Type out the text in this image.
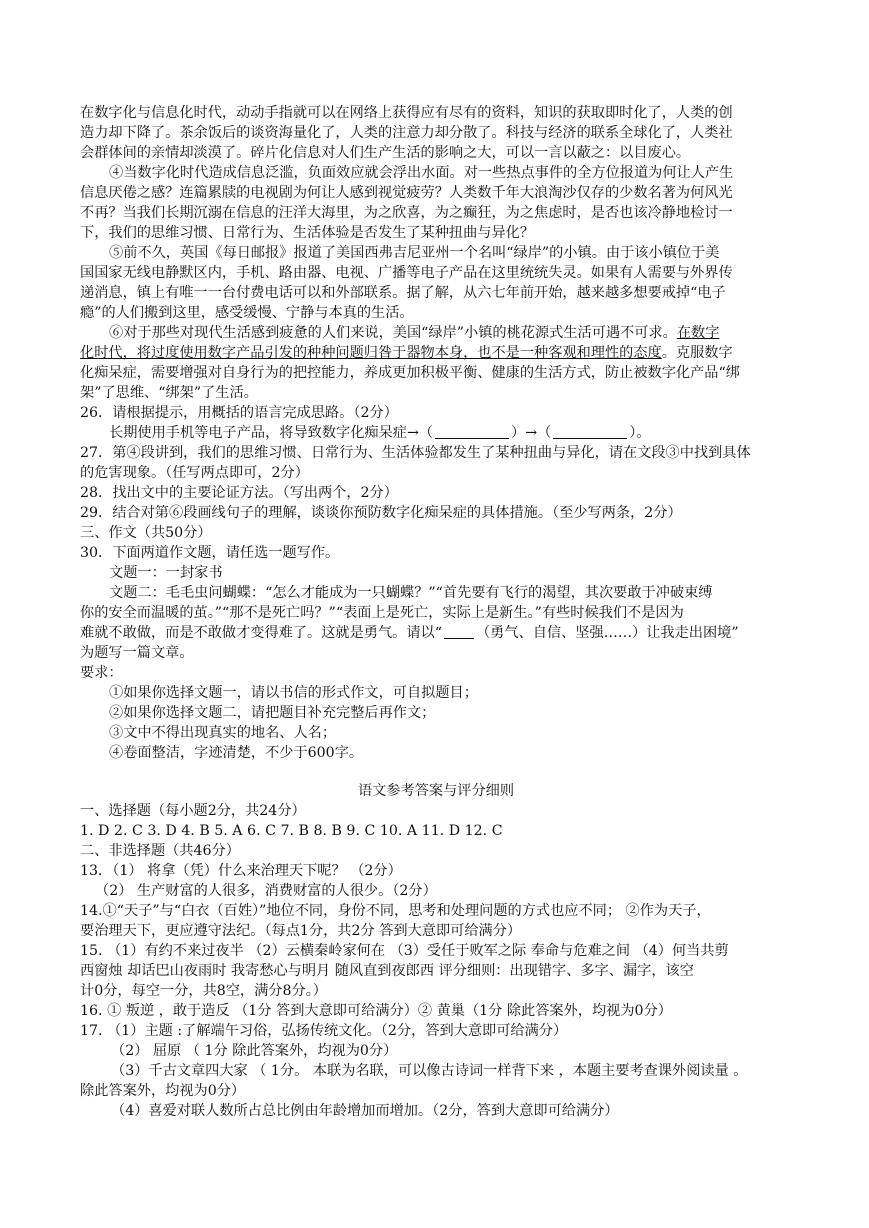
在数字化与信息化时代，动动手指就可以在网络上获得应有尽有的资料，知识的获取即时化了，人类的创
造力却下降了。茶余饭后的谈资海量化了，人类的注意力却分散了。科技与经济的联系全球化了，人类社
会群体间的亲情却淡漠了。碎片化信息对人们生产生活的影响之大，可以一言以蔽之：以目废心。
④当数字化时代造成信息泛滥，负面效应就会浮出水面。对一些热点事件的全方位报道为何让人产生
信息厌倦之感？连篇累牍的电视剧为何让人感到视觉疲劳？人类数千年大浪淘沙仅存的少数名著为何风光
不再？当我们长期沉溺在信息的汪洋大海里，为之欣喜，为之癫狂，为之焦虑时，是否也该冷静地检讨一
下，我们的思维习惯、日常行为、生活体验是否发生了某种扭曲与异化？
⑤前不久，英国《每日邮报》报道了美国西弗吉尼亚州一个名叫“绿岸”的小镇。由于该小镇位于美
国国家无线电静默区内，手机、路由器、电视、广播等电子产品在这里统统失灵。如果有人需要与外界传
递消息，镇上有唯一一台付费电话可以和外部联系。据了解，从六七年前开始，越来越多想要戒掉“电子
瘾”的人们搬到这里，感受缓慢、宁静与本真的生活。
⑥对于那些对现代生活感到疲惫的人们来说，美国“绿岸”小镇的桃花源式生活可遇不可求。在数字
化时代，将过度使用数字产品引发的种种问题归咎于器物本身，也不是一种客观和理性的态度。克服数字
化痴呆症，需要增强对自身行为的把控能力，养成更加积极平衡、健康的生活方式，防止被数字化产品“绑
架”了思维、“绑架”了生活。
26．请根据提示，用概括的语言完成思路。（2分）
长期使用手机等电子产品，将导致数字化痴呆症→（	）→（	）。
27．第④段讲到，我们的思维习惯、日常行为、生活体验都发生了某种扭曲与异化，请在文段③中找到具体
的危害现象。（任写两点即可，2分）
28．找出文中的主要论证方法。（写出两个，2分）
29．结合对第⑥段画线句子的理解，谈谈你预防数字化痴呆症的具体措施。（至少写两条，2分）
三、作文（共50分）
30．下面两道作文题，请任选一题写作。
文题一：一封家书
文题二：毛毛虫问蝴蝶：“怎么才能成为一只蝴蝶？”“首先要有飞行的渴望，其次要敢于冲破束缚
你的安全而温暖的茧。”“那不是死亡吗？”“表面上是死亡，实际上是新生。”有些时候我们不是因为
难就不敢做，而是不敢做才变得难了。这就是勇气。请以“ （勇气、自信、坚强……）让我走出困境”
为题写一篇文章。
要求：
①如果你选择文题一，请以书信的形式作文，可自拟题目；
②如果你选择文题二，请把题目补充完整后再作文；
③文中不得出现真实的地名、人名；
④卷面整洁，字迹清楚，不少于600字。
语文参考答案与评分细则
一、选择题（每小题2分，共24分）
1. D 2. C 3. D 4. B 5. A 6. C 7. B 8. B 9. C 10. A 11. D 12. C
二、非选择题（共46分）
13．（1） 将拿（凭）什么来治理天下呢？ （2分）
（2） 生产财富的人很多，消费财富的人很少。（2分）
14.①“天子”与“白衣（百姓）”地位不同，身份不同，思考和处理问题的方式也应不同； ②作为天子，
要治理天下，更应遵守法纪。（每点1分，共2分 答到大意即可给满分）
15. （1）有约不来过夜半 （2）云横秦岭家何在 （3）受任于败军之际 奉命与危难之间 （4）何当共剪
西窗烛 却话巴山夜雨时 我寄愁心与明月 随风直到夜郎西 评分细则：出现错字、多字、漏字，该空
计0分，每空一分，共8空，满分8分。）
16. ① 叛逆 ，敢于造反 （1分 答到大意即可给满分）② 黄巢（1分 除此答案外，均视为0分）
17. （1）主题 :了解端午习俗，弘扬传统文化。（2分，答到大意即可给满分）
（2） 屈原 （ 1分 除此答案外，均视为0分）
（3）千古文章四大家 （ 1分。 本联为名联，可以像古诗词一样背下来 ，本题主要考查课外阅读量 。
除此答案外，均视为0分）
（4）喜爱对联人数所占总比例由年龄增加而增加。（2分，答到大意即可给满分）
